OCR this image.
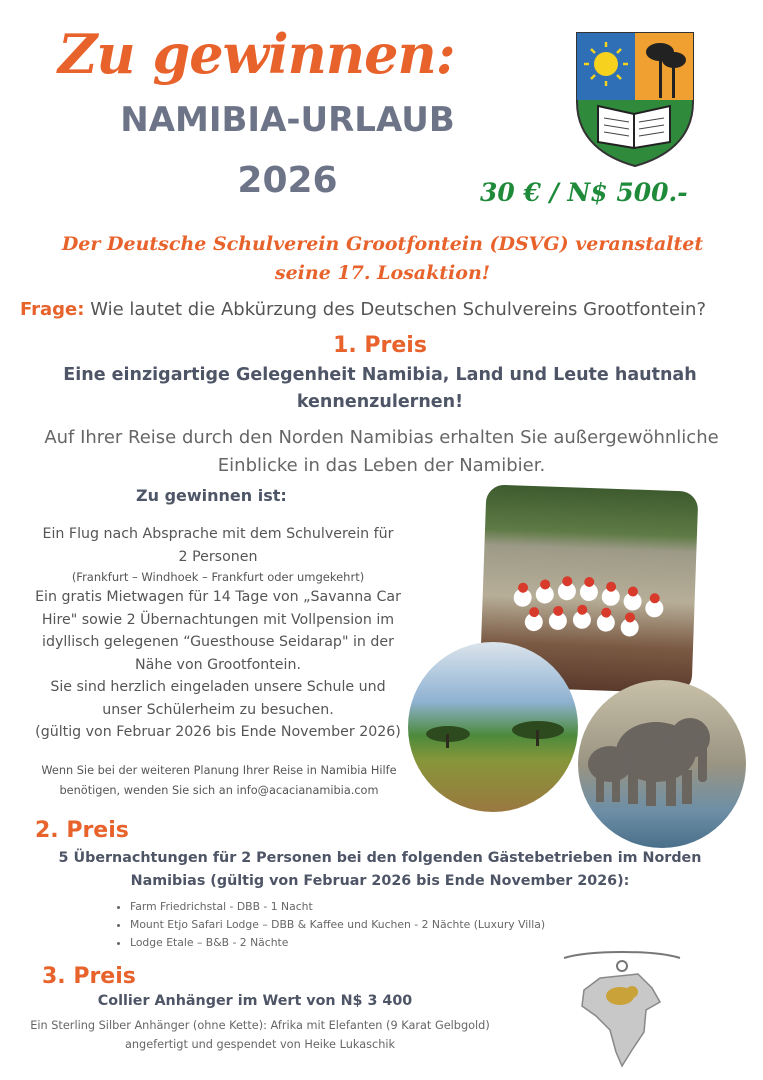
Zu gewinnen:
NAMIBIA-URLAUB
2026	30 € / N$ 500.-
Der Deutsche Schulverein Grootfontein (DSVG) veranstaltet
seine 17. Losaktion!
Frage: Wie lautet die Abkürzung des Deutschen Schulvereins Grootfontein?
1. Preis
Eine einzigartige Gelegenheit Namibia, Land und Leute hautnah
kennenzulernen!
Auf Ihrer Reise durch den Norden Namibias erhalten Sie außergewöhnliche
Einblicke in das Leben der Namibier.
Zu gewinnen ist:
Ein Flug nach Absprache mit dem Schulverein für
2 Personen
(Frankfurt – Windhoek – Frankfurt oder umgekehrt)
Ein gratis Mietwagen für 14 Tage von „Savanna Car
Hire" sowie 2 Übernachtungen mit Vollpension im
idyllisch gelegenen “Guesthouse Seidarap" in der
Nähe von Grootfontein.
Sie sind herzlich eingeladen unsere Schule und
unser Schülerheim zu besuchen.
(gültig von Februar 2026 bis Ende November 2026)
Wenn Sie bei der weiteren Planung Ihrer Reise in Namibia Hilfe
benötigen, wenden Sie sich an info@acacianamibia.com
2. Preis
5 Übernachtungen für 2 Personen bei den folgenden Gästebetrieben im Norden
Namibias (gültig von Februar 2026 bis Ende November 2026):
• Farm Friedrichstal - DBB - 1 Nacht
• Mount Etjo Safari Lodge – DBB & Kaffee und Kuchen - 2 Nächte (Luxury Villa)
• Lodge Etale – B&B - 2 Nächte
3. Preis
Collier Anhänger im Wert von N$ 3 400
Ein Sterling Silber Anhänger (ohne Kette): Afrika mit Elefanten (9 Karat Gelbgold)
angefertigt und gespendet von Heike Lukaschik
